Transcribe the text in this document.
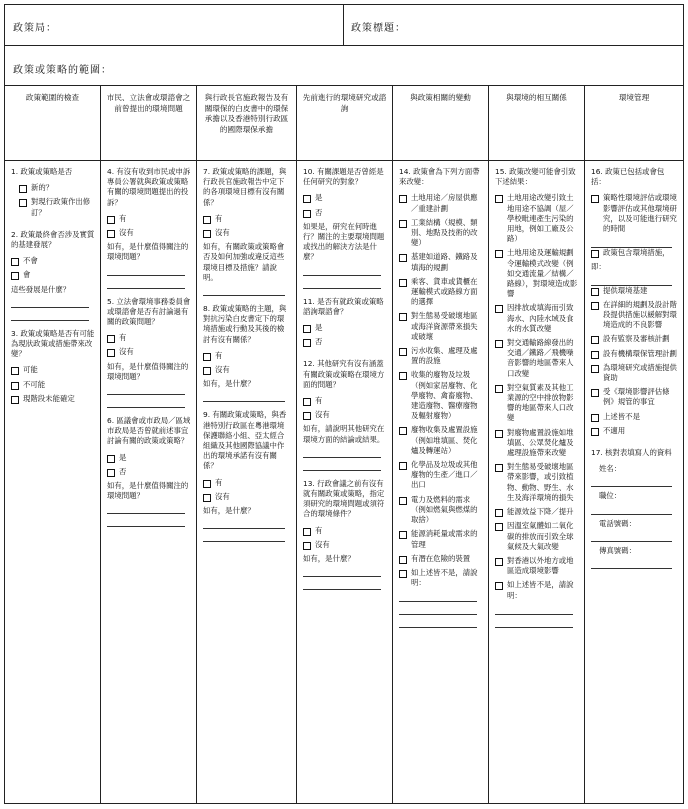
政策局：	政策標題：
政策或策略的範圍：
政策範圍的檢查
1. 政策或策略是否
新的？
對現行政策作出修訂？
2. 政策最終會否涉及實質的基建發展？
不會
會
這些發展是什麼？
3. 政策或策略是否有可能為現狀政策或措施帶來改變？
可能
不可能
現階段未能確定
市民、立法會或環諮會之前曾提出的環境問題
4. 有沒有收到市民或申訴專員公署就與政策或策略有關的環境問題提出的投訴？
有
沒有
如有，是什麼值得關注的環境問題？
5. 立法會環境事務委員會或環諮會是否有討論過有關的政策問題？
有
沒有
如有，是什麼值得關注的環境問題？
6. 區議會或市政局／區域市政局是否曾就前述事宜討論有關的政策或策略？
是
否
如有，是什麼值得關注的環境問題？
與行政長官施政報告及有關環保的白皮書中的環保承擔以及香港特別行政區的國際環保承擔
7. 政策或策略的課題，與行政長官施政報告中定下的各項環境目標有沒有關係？
有
沒有
如有，有關政策或策略會否及如何加強或違反這些環境目標及措施？請說明。
8. 政策或策略的主題，與對抗污染白皮書定下的環境措施或行動及其後的檢討有沒有關係？
有
沒有
如有，是什麼？
9. 有關政策或策略，與香港特別行政區在粵港環境保護聯絡小組、亞太經合組織及其他國際協議中作出的環境承諾有沒有關係？
有
沒有
如有，是什麼？
先前進行的環境研究或諮詢
10. 有關課題是否曾經是任何研究的對象？
是
否
如果是，研究在何時進行？關注的主要環境問題或找出的解決方法是什麼？
11. 是否有就政策或策略諮詢環諮會？
是
否
12. 其他研究有沒有涵蓋有關政策或策略在環境方面的問題？
有
沒有
如有，請說明其他研究在環境方面的結論或結果。
13. 行政會議之前有沒有就有關政策或策略，指定須研究的環境問題或須符合的環境條件？
有
沒有
如有，是什麼？
與政策相關的變動
14. 政策會為下列方面帶來改變：
土地用途／房屋供應／重建計劃
工業結構（規模、類別、地點及技術的改變）
基建如道路、鐵路及填海的規劃
乘客、貨車或貨櫃在運輸模式或路線方面的選擇
對生態易受破壞地區或海洋資源帶來損失或破壞
污水收集、處理及處置的設施
收集的廢物及垃圾（例如家居廢物、化學廢物、禽畜廢物、建造廢物、醫療廢物及輻射廢物）
廢物收集及處置設施（例如堆填區、焚化爐及轉運站）
化學品及垃圾或其他廢物的生產／進口／出口
電力及燃料的需求（例如燃氣與燃煤的取捨）
能源消耗量或需求的管理
有潛在危險的裝置
如上述皆不是，請說明：
與環境的相互關係
15. 政策改變可能會引致下述結果：
土地用途改變引致土地用途不協調（屋／學校毗連產生污染的用地，例如工廠及公路）
土地用途及運輸規劃令運輸模式改變（例如交通流量／結構／路線），對環境造成影響
因排放或填海而引致海水、內陸水域及食水的水質改變
對交通輸路線發出的交通／鐵路／飛機噪音影響的地區帶來人口改變
對空氣質素及其他工業源的空中排放物影響的地區帶來人口改變
對廢物處置設施如堆填區、公眾焚化爐及處理設施帶來改變
對生態易受破壞地區帶來影響，或引致植物、動物、野生、水生及海洋環境的損失
能源效益下降／提升
因溫室氣體如二氧化碳的排放而引致全球氣候及大氣改變
對香港以外地方或地區造成環境影響
如上述皆不是，請說明：
環境管理
16. 政策已包括或會包括：
策略性環境評估或環境影響評估或其他環境研究，以及可能進行研究的時間
政策包含環境措施，
即：
提供環境基建
在詳細的規劃及設計階段提供措施以緩解對環境造成的不良影響
設有監察及審核計劃
設有機構環保管理計劃
為環境研究或措施提供資助
受《環境影響評估條例》規管的事宜
上述皆不是
不適用
17. 核對表填寫人的資料
姓名：
職位：
電話號碼：
傳真號碼：
